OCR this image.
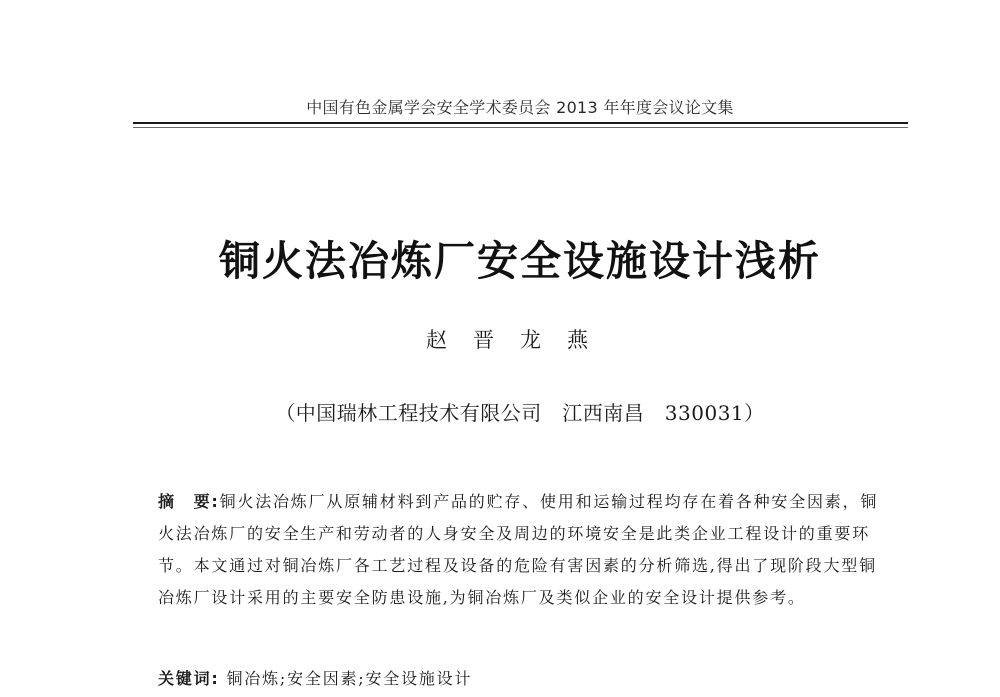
中国有色金属学会安全学术委员会 2013 年年度会议论文集
铜火法冶炼厂安全设施设计浅析
赵晋龙燕
（中国瑞林工程技术有限公司　江西南昌　330031）
摘　要:铜火法冶炼厂从原辅材料到产品的贮存、使用和运输过程均存在着各种安全因素，铜火法冶炼厂的安全生产和劳动者的人身安全及周边的环境安全是此类企业工程设计的重要环节。本文通过对铜冶炼厂各工艺过程及设备的危险有害因素的分析筛选,得出了现阶段大型铜冶炼厂设计采用的主要安全防患设施,为铜冶炼厂及类似企业的安全设计提供参考。
关键词: 铜冶炼;安全因素;安全设施设计
